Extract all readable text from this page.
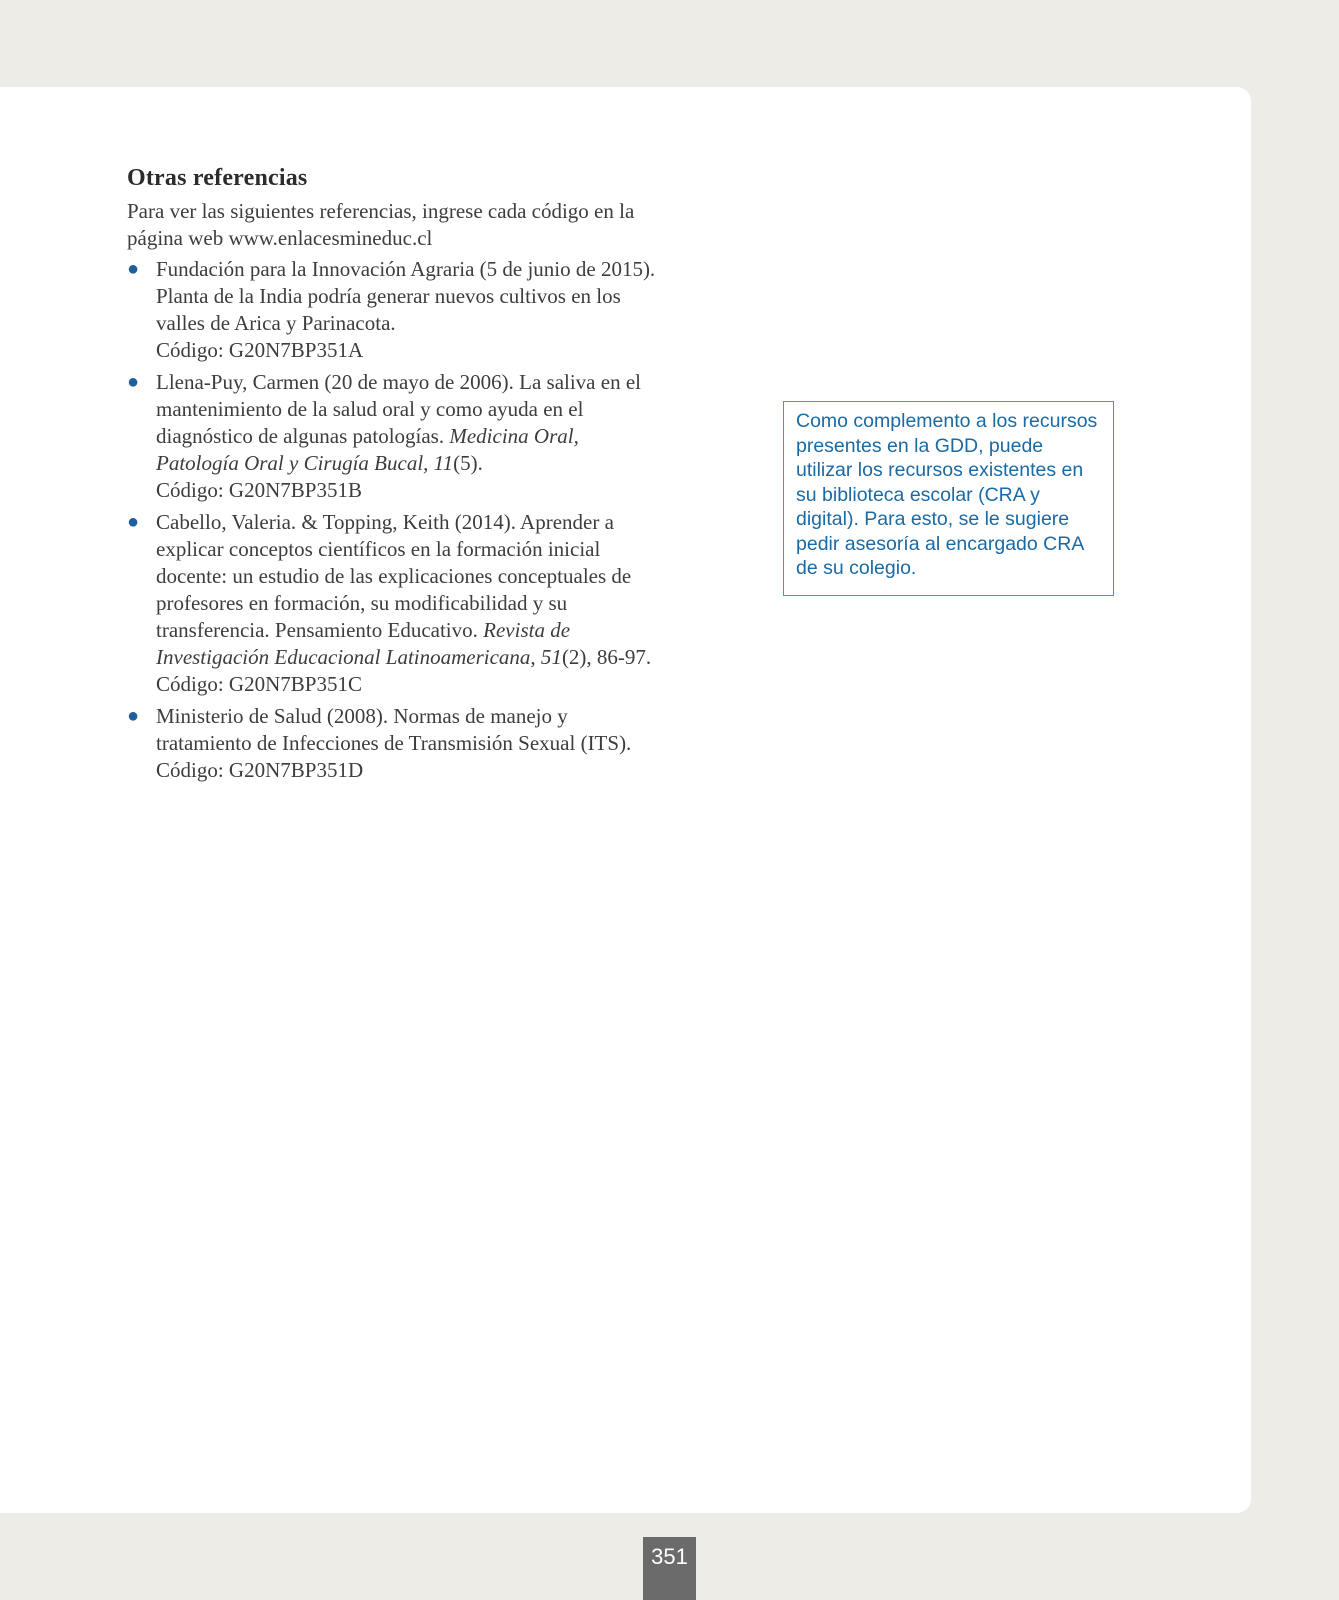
Otras referencias

Para ver las siguientes referencias, ingrese cada código en la página web www.enlacesmineduc.cl

● Fundación para la Innovación Agraria (5 de junio de 2015). Planta de la India podría generar nuevos cultivos en los valles de Arica y Parinacota.
Código: G20N7BP351A
● Llena-Puy, Carmen (20 de mayo de 2006). La saliva en el mantenimiento de la salud oral y como ayuda en el diagnóstico de algunas patologías. Medicina Oral, Patología Oral y Cirugía Bucal, 11(5).
Código: G20N7BP351B
● Cabello, Valeria. & Topping, Keith (2014). Aprender a explicar conceptos científicos en la formación inicial docente: un estudio de las explicaciones conceptuales de profesores en formación, su modificabilidad y su transferencia. Pensamiento Educativo. Revista de Investigación Educacional Latinoamericana, 51(2), 86-97. Código: G20N7BP351C
● Ministerio de Salud (2008). Normas de manejo y tratamiento de Infecciones de Transmisión Sexual (ITS).
Código: G20N7BP351D
Como complemento a los recursos presentes en la GDD, puede utilizar los recursos existentes en su biblioteca escolar (CRA y digital). Para esto, se le sugiere pedir asesoría al encargado CRA de su colegio.
351
